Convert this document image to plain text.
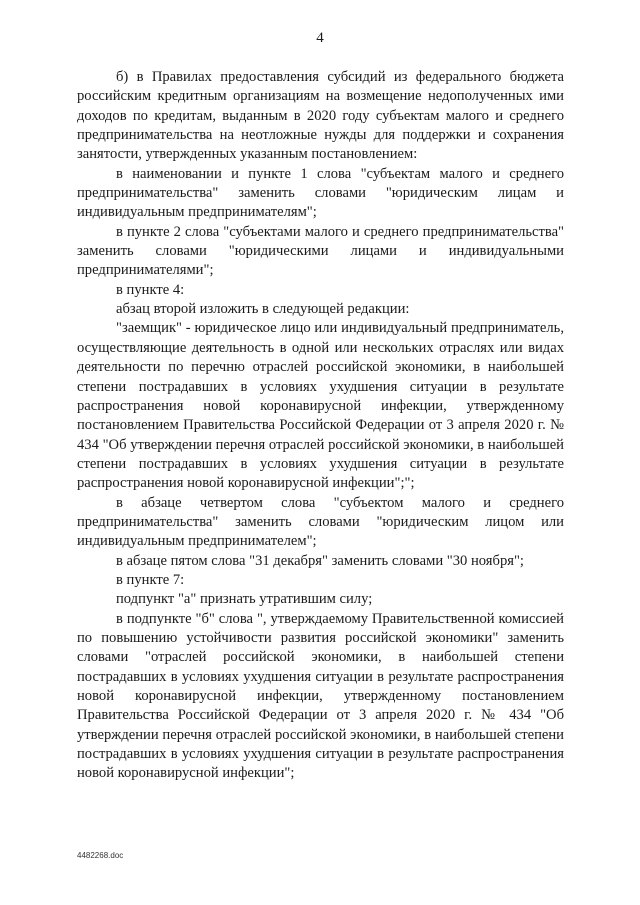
4

б) в Правилах предоставления субсидий из федерального бюджета российским кредитным организациям на возмещение недополученных ими доходов по кредитам, выданным в 2020 году субъектам малого и среднего предпринимательства на неотложные нужды для поддержки и сохранения занятости, утвержденных указанным постановлением:

в наименовании и пункте 1 слова "субъектам малого и среднего предпринимательства" заменить словами "юридическим лицам и индивидуальным предпринимателям";

в пункте 2 слова "субъектами малого и среднего предпринимательства" заменить словами "юридическими лицами и индивидуальными предпринимателями";

в пункте 4:

абзац второй изложить в следующей редакции:

"заемщик" - юридическое лицо или индивидуальный предприниматель, осуществляющие деятельность в одной или нескольких отраслях или видах деятельности по перечню отраслей российской экономики, в наибольшей степени пострадавших в условиях ухудшения ситуации в результате распространения новой коронавирусной инфекции, утвержденному постановлением Правительства Российской Федерации от 3 апреля 2020 г. № 434 "Об утверждении перечня отраслей российской экономики, в наибольшей степени пострадавших в условиях ухудшения ситуации в результате распространения новой коронавирусной инфекции";";

в абзаце четвертом слова "субъектом малого и среднего предпринимательства" заменить словами "юридическим лицом или индивидуальным предпринимателем";

в абзаце пятом слова "31 декабря" заменить словами "30 ноября";

в пункте 7:

подпункт "а" признать утратившим силу;

в подпункте "б" слова ", утверждаемому Правительственной комиссией по повышению устойчивости развития российской экономики" заменить словами "отраслей российской экономики, в наибольшей степени пострадавших в условиях ухудшения ситуации в результате распространения новой коронавирусной инфекции, утвержденному постановлением Правительства Российской Федерации от 3 апреля 2020 г. № 434 "Об утверждении перечня отраслей российской экономики, в наибольшей степени пострадавших в условиях ухудшения ситуации в результате распространения новой коронавирусной инфекции";

4482268.doc
